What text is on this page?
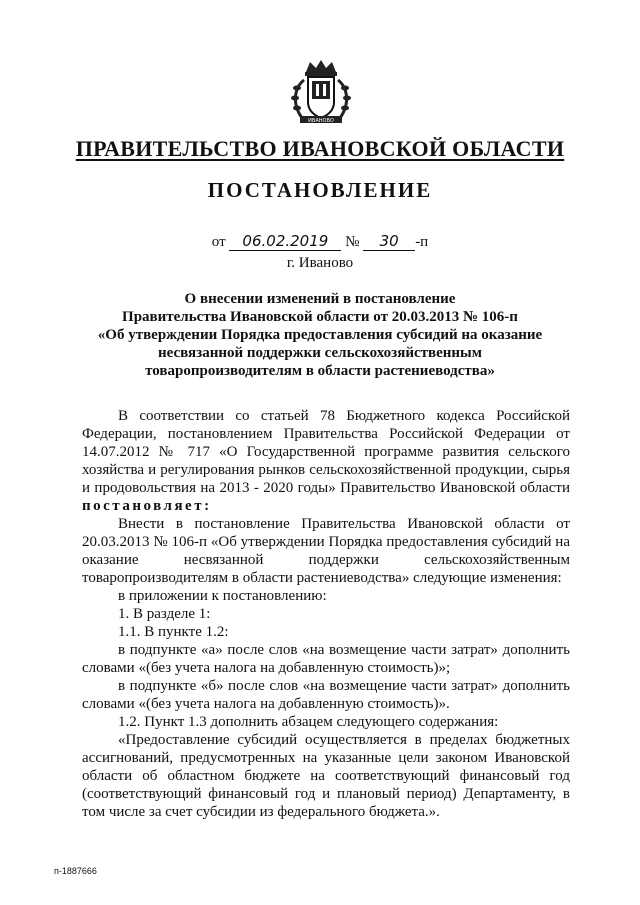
ИВАНОВО
ПРАВИТЕЛЬСТВО ИВАНОВСКОЙ ОБЛАСТИ
ПОСТАНОВЛЕНИЕ
от 06.02.2019 № 30 -п
г. Иваново
О внесении изменений в постановление
Правительства Ивановской области от 20.03.2013 № 106-п
«Об утверждении Порядка предоставления субсидий на оказание
несвязанной поддержки сельскохозяйственным
товаропроизводителям в области растениеводства»

В соответствии со статьей 78 Бюджетного кодекса Российской Федерации, постановлением Правительства Российской Федерации от 14.07.2012 № 717 «О Государственной программе развития сельского хозяйства и регулирования рынков сельскохозяйственной продукции, сырья и продовольствия на 2013 - 2020 годы» Правительство Ивановской области постановляет:

Внести в постановление Правительства Ивановской области от 20.03.2013 № 106-п «Об утверждении Порядка предоставления субсидий на оказание несвязанной поддержки сельскохозяйственным товаропроизводителям в области растениеводства» следующие изменения:

в приложении к постановлению:

1. В разделе 1:

1.1. В пункте 1.2:

в подпункте «а» после слов «на возмещение части затрат» дополнить словами «(без учета налога на добавленную стоимость)»;

в подпункте «б» после слов «на возмещение части затрат» дополнить словами «(без учета налога на добавленную стоимость)».

1.2. Пункт 1.3 дополнить абзацем следующего содержания:

«Предоставление субсидий осуществляется в пределах бюджетных ассигнований, предусмотренных на указанные цели законом Ивановской области об областном бюджете на соответствующий финансовый год (соответствующий финансовый год и плановый период) Департаменту, в том числе за счет субсидии из федерального бюджета.».

п-1887666
